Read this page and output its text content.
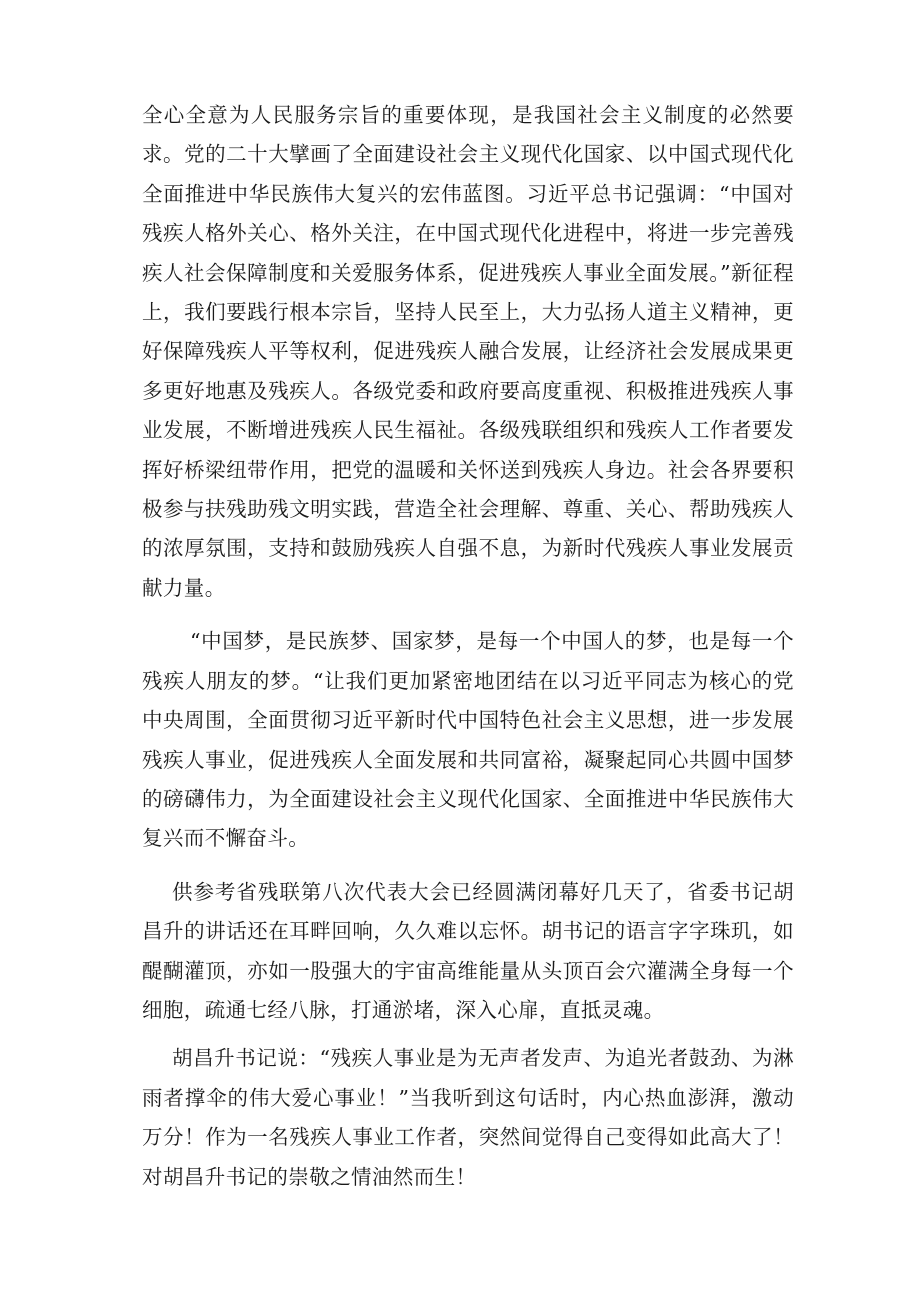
全心全意为人民服务宗旨的重要体现，是我国社会主义制度的必然要求。党的二十大擘画了全面建设社会主义现代化国家、以中国式现代化全面推进中华民族伟大复兴的宏伟蓝图。习近平总书记强调：“中国对残疾人格外关心、格外关注，在中国式现代化进程中，将进一步完善残疾人社会保障制度和关爱服务体系，促进残疾人事业全面发展。”新征程上，我们要践行根本宗旨，坚持人民至上，大力弘扬人道主义精神，更好保障残疾人平等权利，促进残疾人融合发展，让经济社会发展成果更多更好地惠及残疾人。各级党委和政府要高度重视、积极推进残疾人事业发展，不断增进残疾人民生福祉。各级残联组织和残疾人工作者要发挥好桥梁纽带作用，把党的温暖和关怀送到残疾人身边。社会各界要积极参与扶残助残文明实践，营造全社会理解、尊重、关心、帮助残疾人的浓厚氛围，支持和鼓励残疾人自强不息，为新时代残疾人事业发展贡献力量。

“中国梦，是民族梦、国家梦，是每一个中国人的梦，也是每一个残疾人朋友的梦。“让我们更加紧密地团结在以习近平同志为核心的党中央周围，全面贯彻习近平新时代中国特色社会主义思想，进一步发展残疾人事业，促进残疾人全面发展和共同富裕，凝聚起同心共圆中国梦的磅礴伟力，为全面建设社会主义现代化国家、全面推进中华民族伟大复兴而不懈奋斗。

供参考省残联第八次代表大会已经圆满闭幕好几天了，省委书记胡昌升的讲话还在耳畔回响，久久难以忘怀。胡书记的语言字字珠玑，如醍醐灌顶，亦如一股强大的宇宙高维能量从头顶百会穴灌满全身每一个细胞，疏通七经八脉，打通淤堵，深入心扉，直抵灵魂。

胡昌升书记说：“残疾人事业是为无声者发声、为追光者鼓劲、为淋雨者撑伞的伟大爱心事业！”当我听到这句话时，内心热血澎湃，激动万分！作为一名残疾人事业工作者，突然间觉得自己变得如此高大了！对胡昌升书记的崇敬之情油然而生！
